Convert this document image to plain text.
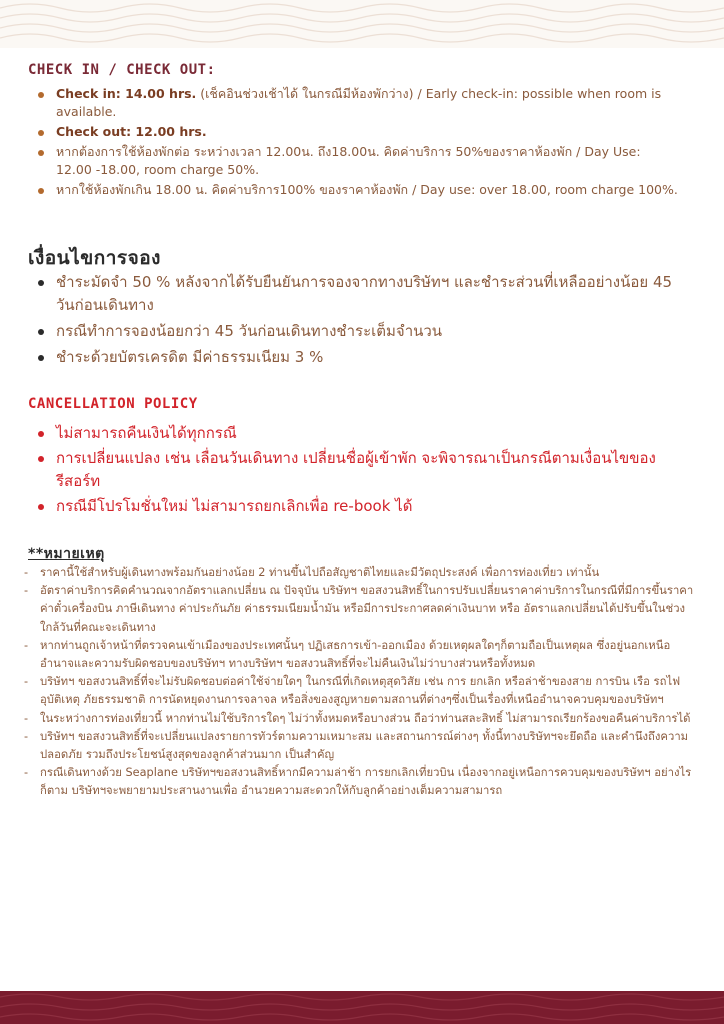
CHECK IN / CHECK OUT:
Check in: 14.00 hrs. (เช็คอินช่วงเช้าได้ ในกรณีมีห้องพักว่าง) / Early check-in: possible when room is available.
Check out: 12.00 hrs.
หากต้องการใช้ห้องพักต่อ ระหว่างเวลา 12.00น. ถึง18.00น. คิดค่าบริการ 50%ของราคาห้องพัก / Day Use: 12.00 -18.00, room charge 50%.
หากใช้ห้องพักเกิน 18.00 น. คิดค่าบริการ100% ของราคาห้องพัก / Day use: over 18.00, room charge 100%.
เงื่อนไขการจอง
ชำระมัดจำ 50 % หลังจากได้รับยืนยันการจองจากทางบริษัทฯ และชำระส่วนที่เหลืออย่างน้อย 45 วันก่อนเดินทาง
กรณีทำการจองน้อยกว่า 45 วันก่อนเดินทางชำระเต็มจำนวน
ชำระด้วยบัตรเครดิต มีค่าธรรมเนียม 3 %
CANCELLATION POLICY
ไม่สามารถคืนเงินได้ทุกกรณี
การเปลี่ยนแปลง เช่น เลื่อนวันเดินทาง เปลี่ยนชื่อผู้เข้าพัก จะพิจารณาเป็นกรณีตามเงื่อนไขของรีสอร์ท
กรณีมีโปรโมชั่นใหม่ ไม่สามารถยกเลิกเพื่อ re-book ได้
**หมายเหตุ
- ราคานี้ใช้สำหรับผู้เดินทางพร้อมกันอย่างน้อย 2 ท่านขึ้นไปถือสัญชาติไทยและมีวัตถุประสงค์ เพื่อการท่องเที่ยว เท่านั้น
- อัตราค่าบริการคิดคำนวณจากอัตราแลกเปลี่ยน ณ ปัจจุบัน บริษัทฯ ขอสงวนสิทธิ์ในการปรับเปลี่ยนราคาค่าบริการในกรณีที่มีการขึ้นราคาค่าตั๋วเครื่องบิน ภาษีเดินทาง ค่าประกันภัย ค่าธรรมเนียมน้ำมัน หรือมีการประกาศลดค่าเงินบาท หรือ อัตราแลกเปลี่ยนได้ปรับขึ้นในช่วงใกล้วันที่คณะจะเดินทาง
- หากท่านถูกเจ้าหน้าที่ตรวจคนเข้าเมืองของประเทศนั้นๆ ปฏิเสธการเข้า-ออกเมือง ด้วยเหตุผลใดๆก็ตามถือเป็นเหตุผล ซึ่งอยู่นอกเหนืออำนาจและความรับผิดชอบของบริษัทฯ ทางบริษัทฯ ขอสงวนสิทธิ์ที่จะไม่คืนเงินไม่ว่าบางส่วนหรือทั้งหมด
- บริษัทฯ ขอสงวนสิทธิ์ที่จะไม่รับผิดชอบต่อค่าใช้จ่ายใดๆ ในกรณีที่เกิดเหตุสุดวิสัย เช่น การ ยกเลิก หรือล่าช้าของสาย การบิน เรือ รถไฟ อุบัติเหตุ ภัยธรรมชาติ การนัดหยุดงานการจลาจล หรือสิ่งของสูญหายตามสถานที่ต่างๆซึ่งเป็นเรื่องที่เหนืออำนาจควบคุมของบริษัทฯ
- ในระหว่างการท่องเที่ยวนี้ หากท่านไม่ใช้บริการใดๆ ไม่ว่าทั้งหมดหรือบางส่วน ถือว่าท่านสละสิทธิ์ ไม่สามารถเรียกร้องขอคืนค่าบริการได้
- บริษัทฯ ขอสงวนสิทธิ์ที่จะเปลี่ยนแปลงรายการทัวร์ตามความเหมาะสม และสถานการณ์ต่างๆ ทั้งนี้ทางบริษัทฯจะยึดถือ และคำนึงถึงความปลอดภัย รวมถึงประโยชน์สูงสุดของลูกค้าส่วนมาก เป็นสำคัญ
- กรณีเดินทางด้วย Seaplane บริษัทฯขอสงวนสิทธิ์หากมีความล่าช้า การยกเลิกเที่ยวบิน เนื่องจากอยู่เหนือการควบคุมของบริษัทฯ อย่างไรก็ตาม บริษัทฯจะพยายามประสานงานเพื่อ อำนวยความสะดวกให้กับลูกค้าอย่างเต็มความสามารถ
